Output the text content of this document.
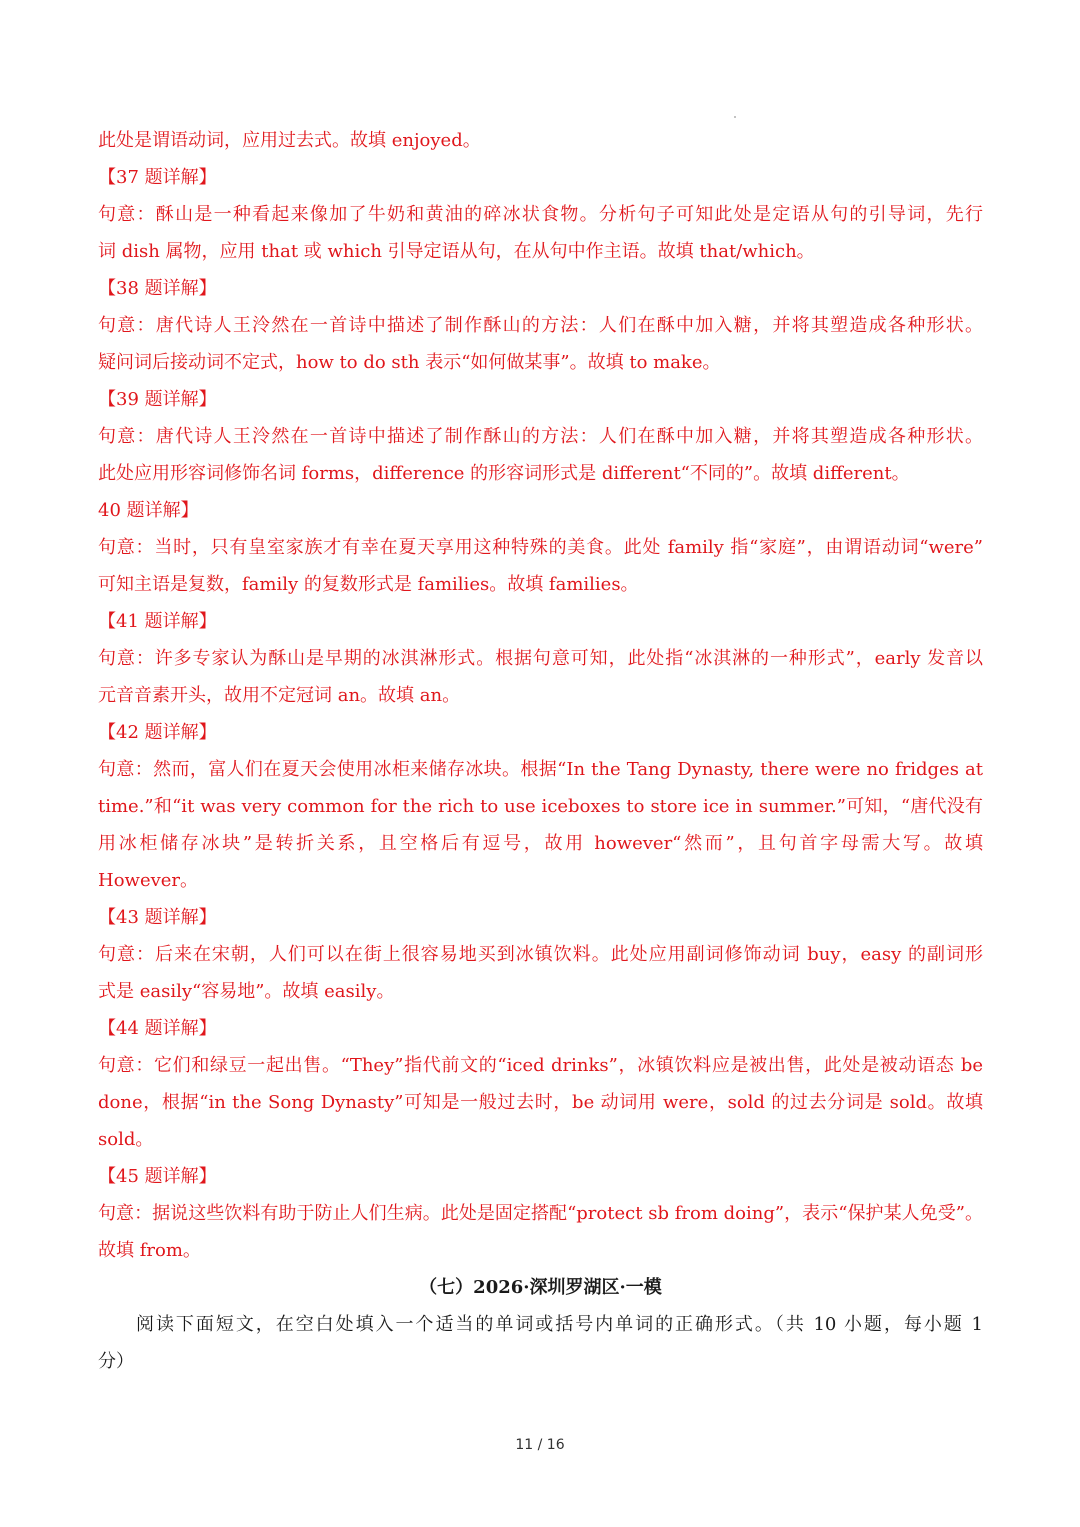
此处是谓语动词，应用过去式。故填 enjoyed。
【37 题详解】
句意：酥山是一种看起来像加了牛奶和黄油的碎冰状食物。分析句子可知此处是定语从句的引导词，先行
词 dish 属物，应用 that 或 which 引导定语从句，在从句中作主语。故填 that/which。
【38 题详解】
句意：唐代诗人王泠然在一首诗中描述了制作酥山的方法：人们在酥中加入糖，并将其塑造成各种形状。
疑问词后接动词不定式，how to do sth 表示“如何做某事”。故填 to make。
【39 题详解】
句意：唐代诗人王泠然在一首诗中描述了制作酥山的方法：人们在酥中加入糖，并将其塑造成各种形状。
此处应用形容词修饰名词 forms，difference 的形容词形式是 different“不同的”。故填 different。
40 题详解】
句意：当时，只有皇室家族才有幸在夏天享用这种特殊的美食。此处 family 指“家庭”，由谓语动词“were”
可知主语是复数，family 的复数形式是 families。故填 families。
【41 题详解】
句意：许多专家认为酥山是早期的冰淇淋形式。根据句意可知，此处指“冰淇淋的一种形式”，early 发音以
元音音素开头，故用不定冠词 an。故填 an。
【42 题详解】
句意：然而，富人们在夏天会使用冰柜来储存冰块。根据“In the Tang Dynasty, there were no fridges at
time.”和“it was very common for the rich to use iceboxes to store ice in summer.”可知，“唐代没有
用冰柜储存冰块”是转折关系，且空格后有逗号，故用 however“然而”，且句首字母需大写。故填
However。
【43 题详解】
句意：后来在宋朝，人们可以在街上很容易地买到冰镇饮料。此处应用副词修饰动词 buy，easy 的副词形
式是 easily“容易地”。故填 easily。
【44 题详解】
句意：它们和绿豆一起出售。“They”指代前文的“iced drinks”，冰镇饮料应是被出售，此处是被动语态 be
done，根据“in the Song Dynasty”可知是一般过去时，be 动词用 were，sold 的过去分词是 sold。故填
sold。
【45 题详解】
句意：据说这些饮料有助于防止人们生病。此处是固定搭配“protect sb from doing”，表示“保护某人免受”。
故填 from。
（七）2026·深圳罗湖区·一模
阅读下面短文，在空白处填入一个适当的单词或括号内单词的正确形式。（共 10 小题，每小题 1
分）
11 / 16
